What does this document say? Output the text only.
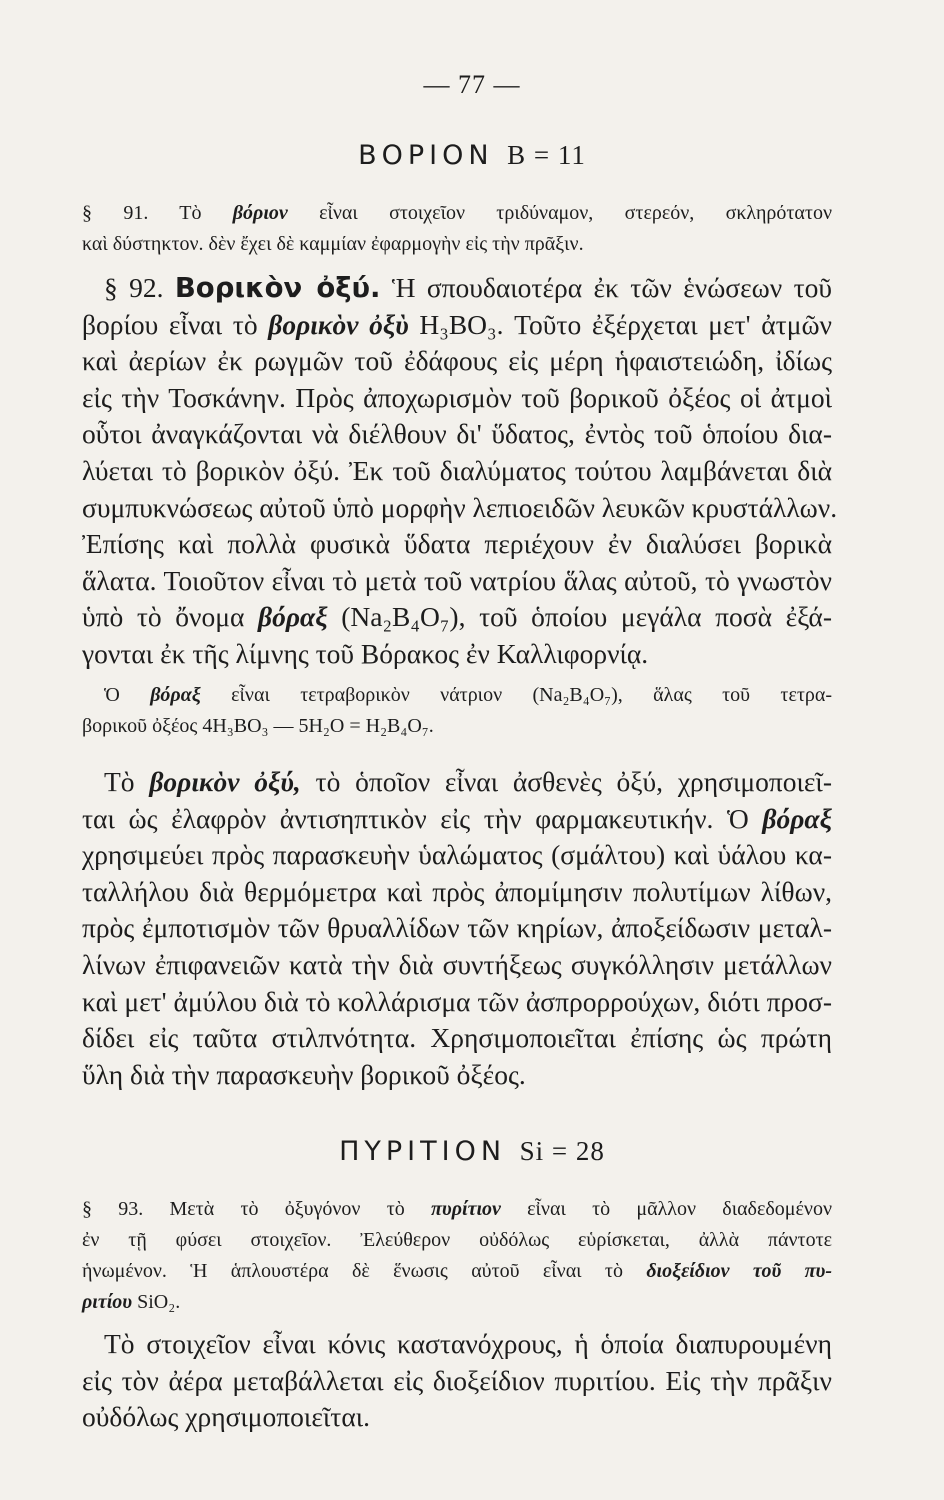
— 77 —
ΒΟΡΙΟΝ B = 11
§ 91. Τὸ βόριον εἶναι στοιχεῖον τριδύναμον, στερεόν, σκληρότατον
καὶ δύστηκτον. δὲν ἔχει δὲ καμμίαν ἐφαρμογὴν εἰς τὴν πρᾶξιν.
§ 92. Βορικὸν ὀξύ. Ἡ σπουδαιοτέρα ἐκ τῶν ἑνώσεων τοῦ
βορίου εἶναι τὸ βορικὸν ὀξὺ H₃BO₃. Τοῦτο ἐξέρχεται μετ' ἀτμῶν
καὶ ἀερίων ἐκ ρωγμῶν τοῦ ἐδάφους εἰς μέρη ἡφαιστειώδη, ἰδίως
εἰς τὴν Τοσκάνην. Πρὸς ἀποχωρισμὸν τοῦ βορικοῦ ὀξέος οἱ ἀτμοὶ
οὗτοι ἀναγκάζονται νὰ διέλθουν δι' ὕδατος, ἐντὸς τοῦ ὁποίου δια-
λύεται τὸ βορικὸν ὀξύ. Ἐκ τοῦ διαλύματος τούτου λαμβάνεται διὰ
συμπυκνώσεως αὐτοῦ ὑπὸ μορφὴν λεπιοειδῶν λευκῶν κρυστάλλων.
Ἐπίσης καὶ πολλὰ φυσικὰ ὕδατα περιέχουν ἐν διαλύσει βορικὰ
ἅλατα. Τοιοῦτον εἶναι τὸ μετὰ τοῦ νατρίου ἅλας αὐτοῦ, τὸ γνωστὸν
ὑπὸ τὸ ὄνομα βόραξ (Na₂B₄O₇), τοῦ ὁποίου μεγάλα ποσὰ ἐξά-
γονται ἐκ τῆς λίμνης τοῦ Βόρακος ἐν Καλλιφορνίᾳ.
Ὁ βόραξ εἶναι τετραβορικὸν νάτριον (Na₂B₄O₇), ἅλας τοῦ τετρα-
βορικοῦ ὀξέος 4H₃BO₃ — 5H₂O = H₂B₄O₇.
Τὸ βορικὸν ὀξύ, τὸ ὁποῖον εἶναι ἀσθενὲς ὀξύ, χρησιμοποιεῖ-
ται ὡς ἐλαφρὸν ἀντισηπτικὸν εἰς τὴν φαρμακευτικήν. Ὁ βόραξ
χρησιμεύει πρὸς παρασκευὴν ὑαλώματος (σμάλτου) καὶ ὑάλου κα-
ταλλήλου διὰ θερμόμετρα καὶ πρὸς ἀπομίμησιν πολυτίμων λίθων,
πρὸς ἐμποτισμὸν τῶν θρυαλλίδων τῶν κηρίων, ἀποξείδωσιν μεταλ-
λίνων ἐπιφανειῶν κατὰ τὴν διὰ συντήξεως συγκόλλησιν μετάλλων
καὶ μετ' ἀμύλου διὰ τὸ κολλάρισμα τῶν ἀσπρορρούχων, διότι προσ-
δίδει εἰς ταῦτα στιλπνότητα. Χρησιμοποιεῖται ἐπίσης ὡς πρώτη
ὕλη διὰ τὴν παρασκευὴν βορικοῦ ὀξέος.
ΠΥΡΙΤΙΟΝ Si = 28
§ 93. Μετὰ τὸ ὀξυγόνον τὸ πυρίτιον εἶναι τὸ μᾶλλον διαδεδομένον
ἐν τῇ φύσει στοιχεῖον. Ἐλεύθερον οὐδόλως εὑρίσκεται, ἀλλὰ πάντοτε
ἡνωμένον. Ἡ ἁπλουστέρα δὲ ἕνωσις αὐτοῦ εἶναι τὸ διοξείδιον τοῦ πυ-
ριτίου SiO₂.
Τὸ στοιχεῖον εἶναι κόνις καστανόχρους, ἡ ὁποία διαπυρουμένη
εἰς τὸν ἀέρα μεταβάλλεται εἰς διοξείδιον πυριτίου. Εἰς τὴν πρᾶξιν
οὐδόλως χρησιμοποιεῖται.
